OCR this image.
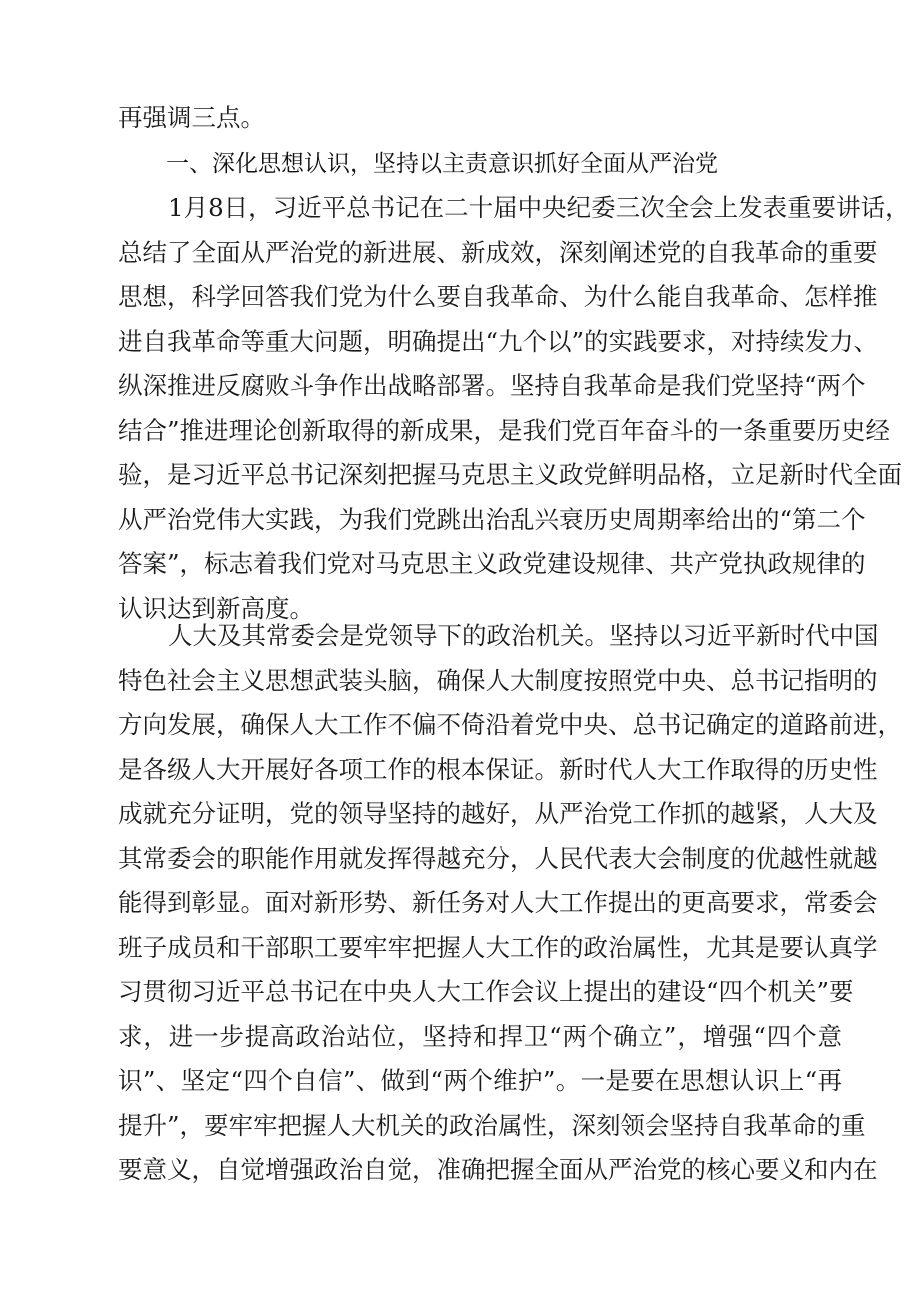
再强调三点。
一、深化思想认识，坚持以主责意识抓好全面从严治党
1月8日，习近平总书记在二十届中央纪委三次全会上发表重要讲话，
总结了全面从严治党的新进展、新成效，深刻阐述党的自我革命的重要
思想，科学回答我们党为什么要自我革命、为什么能自我革命、怎样推
进自我革命等重大问题，明确提出“九个以”的实践要求，对持续发力、
纵深推进反腐败斗争作出战略部署。坚持自我革命是我们党坚持“两个
结合”推进理论创新取得的新成果，是我们党百年奋斗的一条重要历史经
验，是习近平总书记深刻把握马克思主义政党鲜明品格，立足新时代全面
从严治党伟大实践，为我们党跳出治乱兴衰历史周期率给出的“第二个
答案”，标志着我们党对马克思主义政党建设规律、共产党执政规律的
认识达到新高度。
人大及其常委会是党领导下的政治机关。坚持以习近平新时代中国
特色社会主义思想武装头脑，确保人大制度按照党中央、总书记指明的
方向发展，确保人大工作不偏不倚沿着党中央、总书记确定的道路前进，
是各级人大开展好各项工作的根本保证。新时代人大工作取得的历史性
成就充分证明，党的领导坚持的越好，从严治党工作抓的越紧，人大及
其常委会的职能作用就发挥得越充分，人民代表大会制度的优越性就越
能得到彰显。面对新形势、新任务对人大工作提出的更高要求，常委会
班子成员和干部职工要牢牢把握人大工作的政治属性，尤其是要认真学
习贯彻习近平总书记在中央人大工作会议上提出的建设“四个机关”要
求，进一步提高政治站位，坚持和捍卫“两个确立”，增强“四个意
识”、坚定“四个自信”、做到“两个维护”。一是要在思想认识上“再
提升”，要牢牢把握人大机关的政治属性，深刻领会坚持自我革命的重
要意义，自觉增强政治自觉，准确把握全面从严治党的核心要义和内在
